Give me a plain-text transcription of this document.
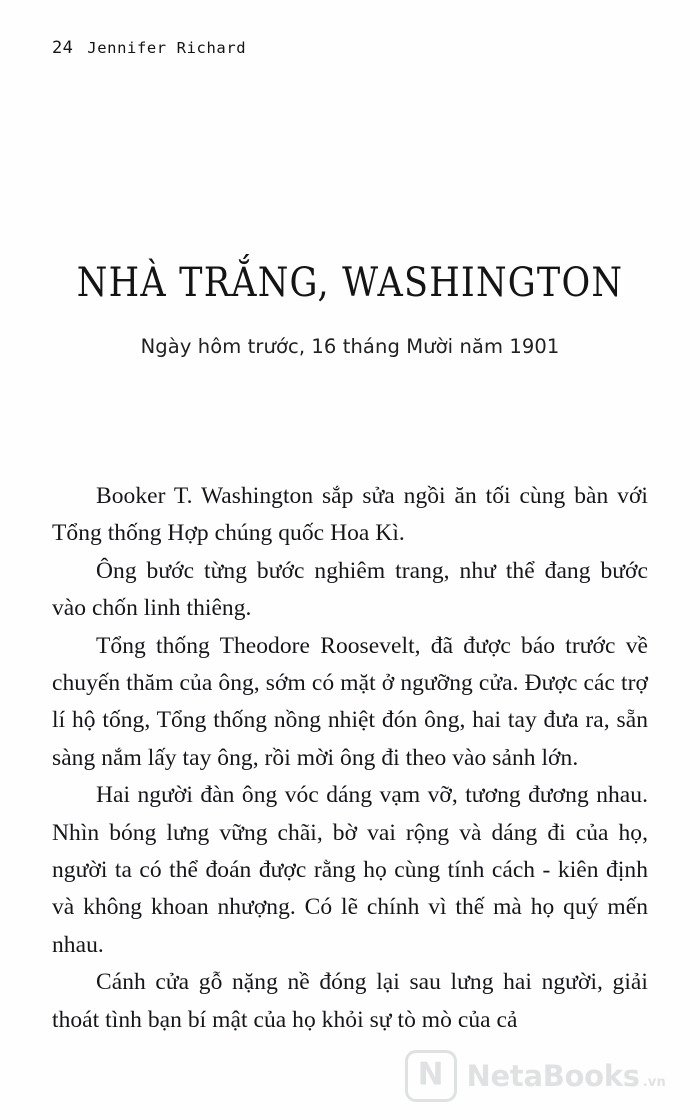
24 Jennifer Richard
NHÀ TRẮNG, WASHINGTON
Ngày hôm trước, 16 tháng Mười năm 1901

Booker T. Washington sắp sửa ngồi ăn tối cùng bàn với Tổng thống Hợp chúng quốc Hoa Kì.

Ông bước từng bước nghiêm trang, như thể đang bước vào chốn linh thiêng.

Tổng thống Theodore Roosevelt, đã được báo trước về chuyến thăm của ông, sớm có mặt ở ngưỡng cửa. Được các trợ lí hộ tống, Tổng thống nồng nhiệt đón ông, hai tay đưa ra, sẵn sàng nắm lấy tay ông, rồi mời ông đi theo vào sảnh lớn.

Hai người đàn ông vóc dáng vạm vỡ, tương đương nhau. Nhìn bóng lưng vững chãi, bờ vai rộng và dáng đi của họ, người ta có thể đoán được rằng họ cùng tính cách - kiên định và không khoan nhượng. Có lẽ chính vì thế mà họ quý mến nhau.

Cánh cửa gỗ nặng nề đóng lại sau lưng hai người, giải thoát tình bạn bí mật của họ khỏi sự tò mò của cả

N
NetaBooks .vn
